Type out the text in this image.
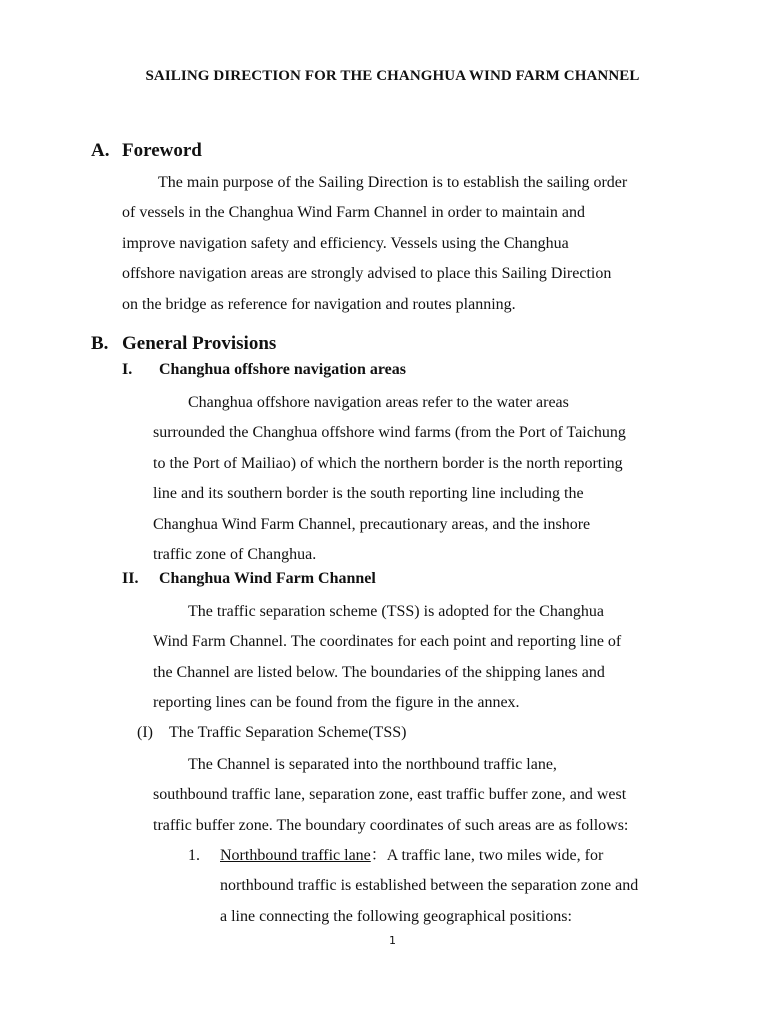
SAILING DIRECTION FOR THE CHANGHUA WIND FARM CHANNEL
A. Foreword
The main purpose of the Sailing Direction is to establish the sailing order
of vessels in the Changhua Wind Farm Channel in order to maintain and
improve navigation safety and efficiency. Vessels using the Changhua
offshore navigation areas are strongly advised to place this Sailing Direction
on the bridge as reference for navigation and routes planning.
B. General Provisions
I. Changhua offshore navigation areas
Changhua offshore navigation areas refer to the water areas
surrounded the Changhua offshore wind farms (from the Port of Taichung
to the Port of Mailiao) of which the northern border is the north reporting
line and its southern border is the south reporting line including the
Changhua Wind Farm Channel, precautionary areas, and the inshore
traffic zone of Changhua.
II. Changhua Wind Farm Channel
The traffic separation scheme (TSS) is adopted for the Changhua
Wind Farm Channel. The coordinates for each point and reporting line of
the Channel are listed below. The boundaries of the shipping lanes and
reporting lines can be found from the figure in the annex.
(I) The Traffic Separation Scheme(TSS)
The Channel is separated into the northbound traffic lane,
southbound traffic lane, separation zone, east traffic buffer zone, and west
traffic buffer zone. The boundary coordinates of such areas are as follows:
1. Northbound traffic lane：A traffic lane, two miles wide, for
northbound traffic is established between the separation zone and
a line connecting the following geographical positions:
1
